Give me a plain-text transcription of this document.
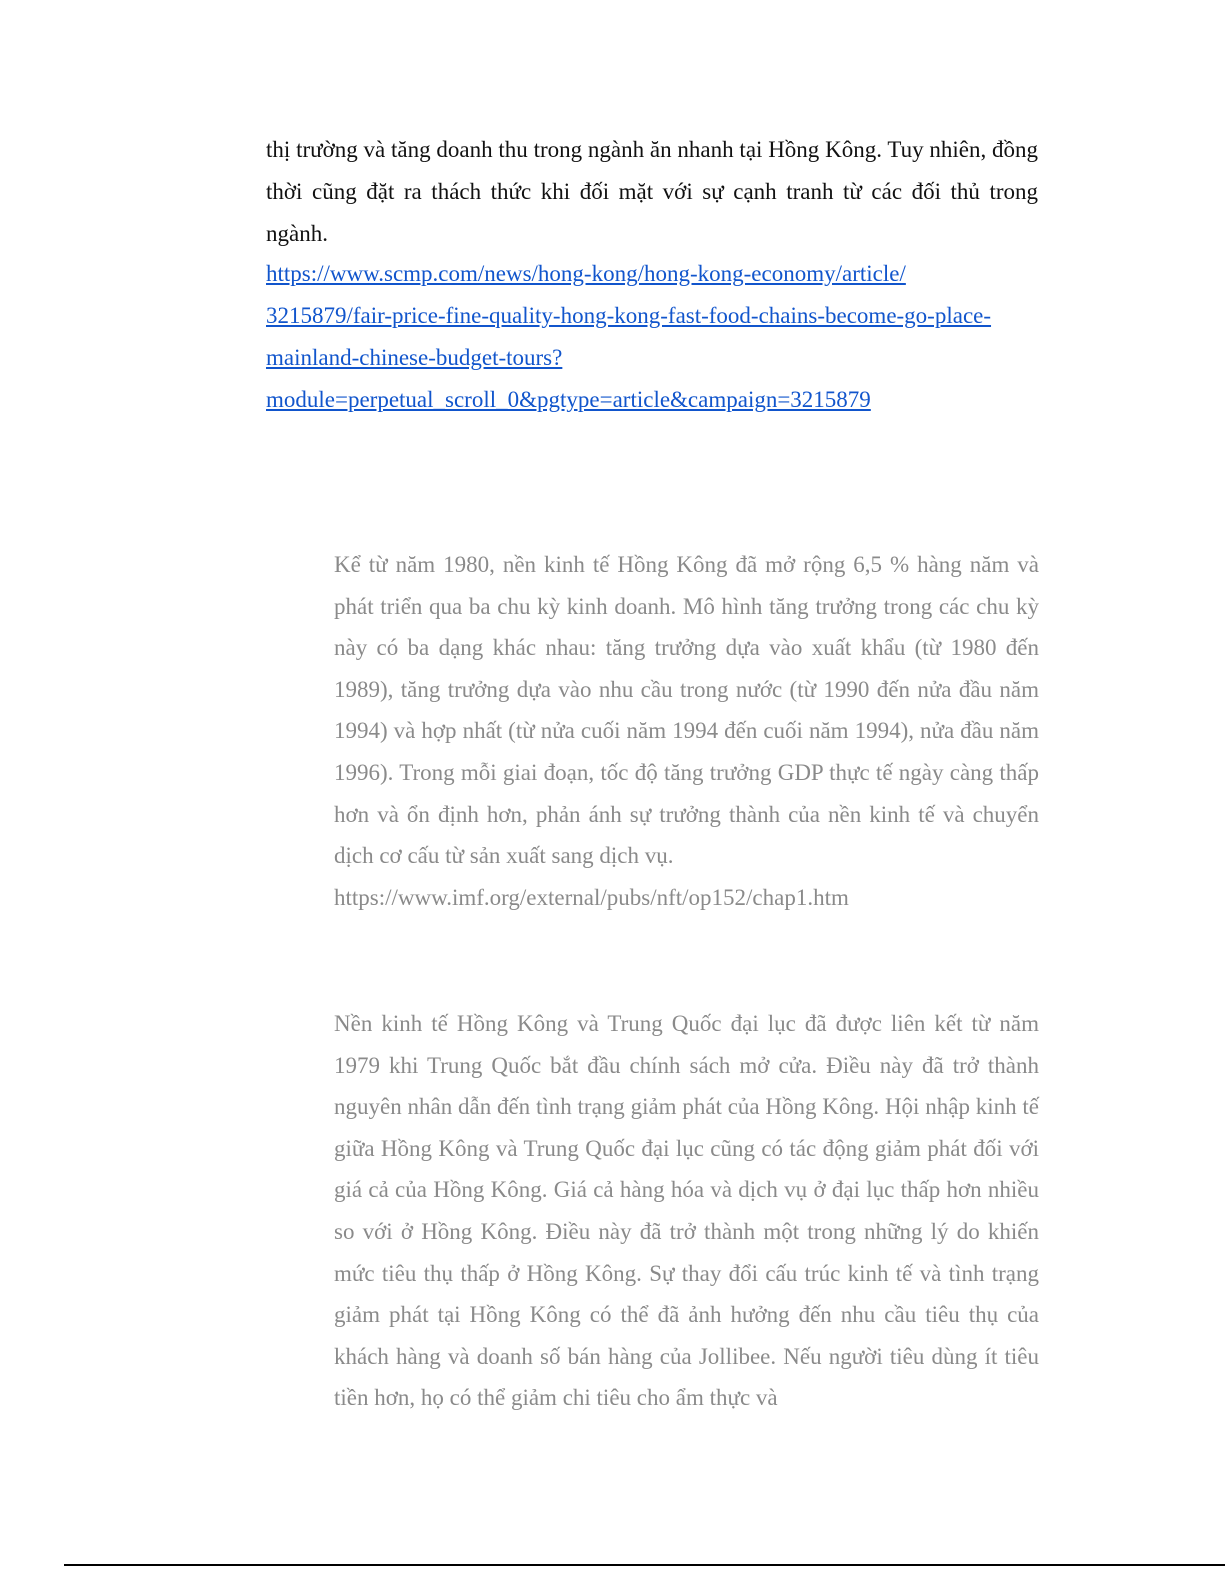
thị trường và tăng doanh thu trong ngành ăn nhanh tại Hồng Kông. Tuy nhiên, đồng thời cũng đặt ra thách thức khi đối mặt với sự cạnh tranh từ các đối thủ trong ngành.

https://www.scmp.com/news/hong-kong/hong-kong-economy/article/
3215879/fair-price-fine-quality-hong-kong-fast-food-chains-become-go-place-
mainland-chinese-budget-tours?
module=perpetual_scroll_0&pgtype=article&campaign=3215879
Kể từ năm 1980, nền kinh tế Hồng Kông đã mở rộng 6,5 % hàng năm và phát triển qua ba chu kỳ kinh doanh. Mô hình tăng trưởng trong các chu kỳ này có ba dạng khác nhau: tăng trưởng dựa vào xuất khẩu (từ 1980 đến 1989), tăng trưởng dựa vào nhu cầu trong nước (từ 1990 đến nửa đầu năm 1994) và hợp nhất (từ nửa cuối năm 1994 đến cuối năm 1994), nửa đầu năm 1996). Trong mỗi giai đoạn, tốc độ tăng trưởng GDP thực tế ngày càng thấp hơn và ổn định hơn, phản ánh sự trưởng thành của nền kinh tế và chuyển dịch cơ cấu từ sản xuất sang dịch vụ.
https://www.imf.org/external/pubs/nft/op152/chap1.htm
Nền kinh tế Hồng Kông và Trung Quốc đại lục đã được liên kết từ năm 1979 khi Trung Quốc bắt đầu chính sách mở cửa. Điều này đã trở thành nguyên nhân dẫn đến tình trạng giảm phát của Hồng Kông. Hội nhập kinh tế giữa Hồng Kông và Trung Quốc đại lục cũng có tác động giảm phát đối với giá cả của Hồng Kông. Giá cả hàng hóa và dịch vụ ở đại lục thấp hơn nhiều so với ở Hồng Kông. Điều này đã trở thành một trong những lý do khiến mức tiêu thụ thấp ở Hồng Kông. Sự thay đổi cấu trúc kinh tế và tình trạng giảm phát tại Hồng Kông có thể đã ảnh hưởng đến nhu cầu tiêu thụ của khách hàng và doanh số bán hàng của Jollibee. Nếu người tiêu dùng ít tiêu tiền hơn, họ có thể giảm chi tiêu cho ẩm thực và
